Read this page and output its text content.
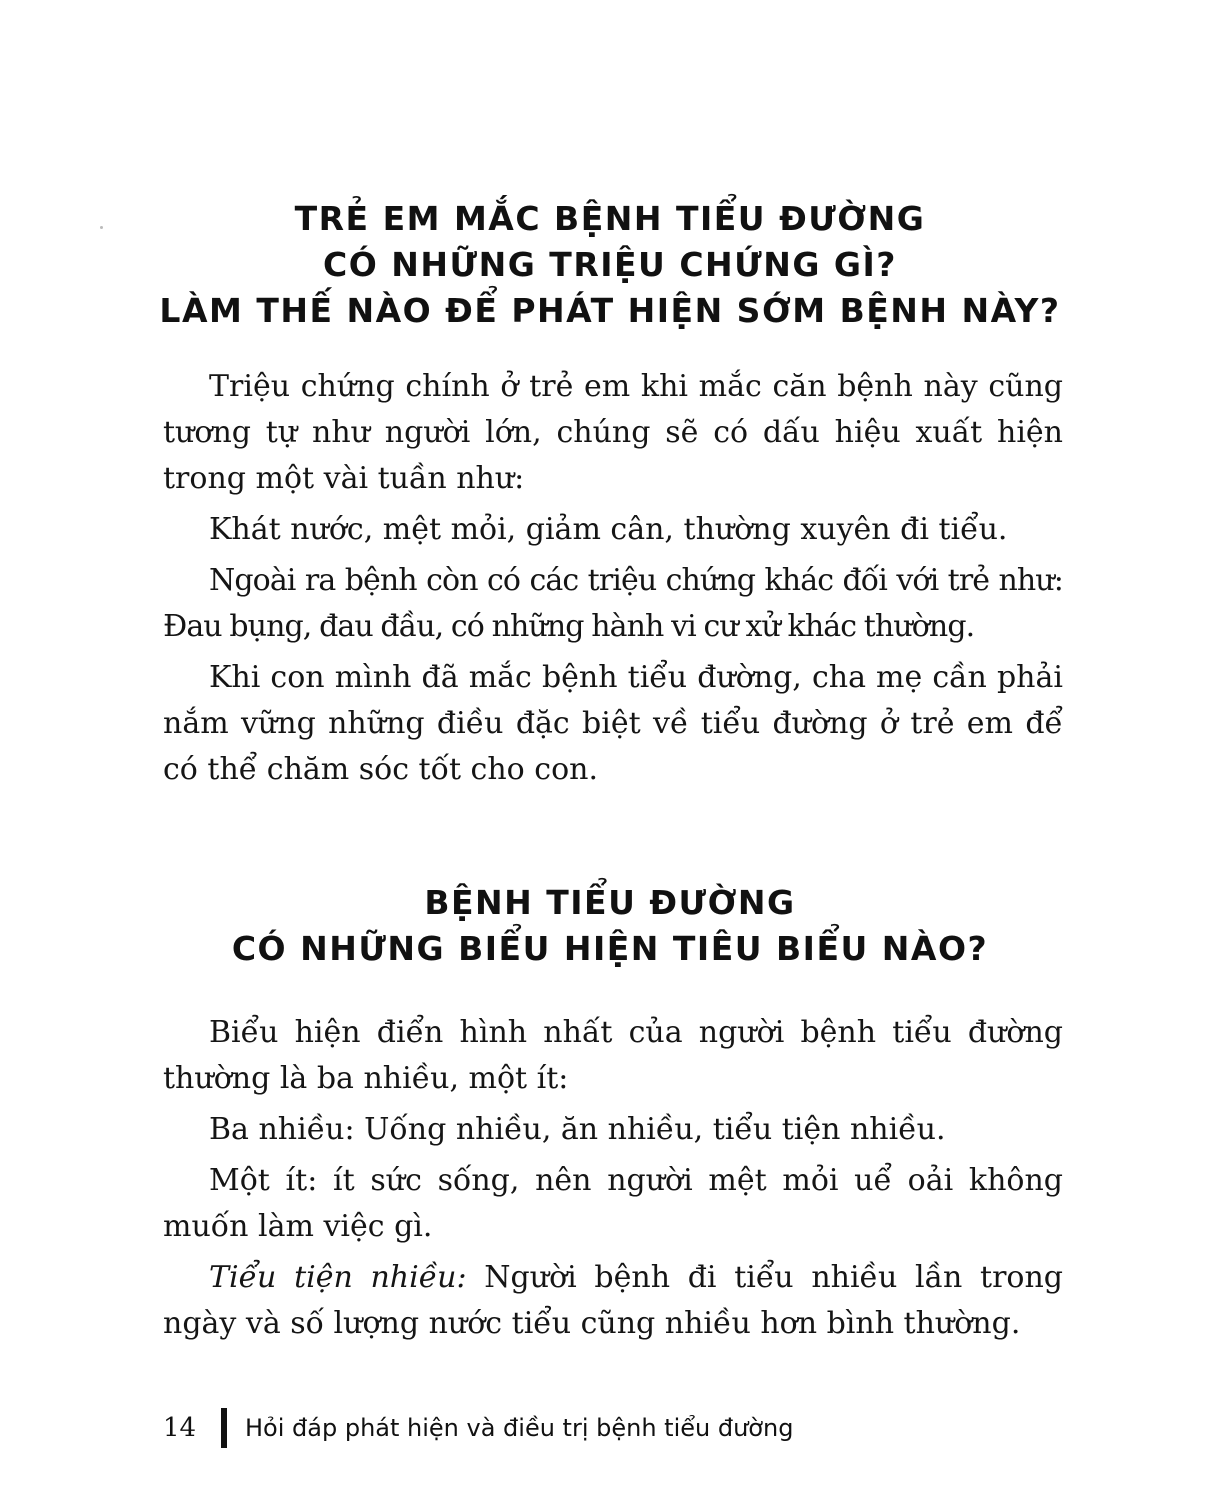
TRẺ EM MẮC BỆNH TIỂU ĐƯỜNG
CÓ NHỮNG TRIỆU CHỨNG GÌ?
LÀM THẾ NÀO ĐỂ PHÁT HIỆN SỚM BỆNH NÀY?

Triệu chứng chính ở trẻ em khi mắc căn bệnh này cũng tương tự như người lớn, chúng sẽ có dấu hiệu xuất hiện trong một vài tuần như:

Khát nước, mệt mỏi, giảm cân, thường xuyên đi tiểu.

Ngoài ra bệnh còn có các triệu chứng khác đối với trẻ như: Đau bụng, đau đầu, có những hành vi cư xử khác thường.

Khi con mình đã mắc bệnh tiểu đường, cha mẹ cần phải nắm vững những điều đặc biệt về tiểu đường ở trẻ em để có thể chăm sóc tốt cho con.

BỆNH TIỂU ĐƯỜNG
CÓ NHỮNG BIỂU HIỆN TIÊU BIỂU NÀO?

Biểu hiện điển hình nhất của người bệnh tiểu đường thường là ba nhiều, một ít:

Ba nhiều: Uống nhiều, ăn nhiều, tiểu tiện nhiều.

Một ít: ít sức sống, nên người mệt mỏi uể oải không muốn làm việc gì.

Tiểu tiện nhiều: Người bệnh đi tiểu nhiều lần trong ngày và số lượng nước tiểu cũng nhiều hơn bình thường.

14	Hỏi đáp phát hiện và điều trị bệnh tiểu đường
